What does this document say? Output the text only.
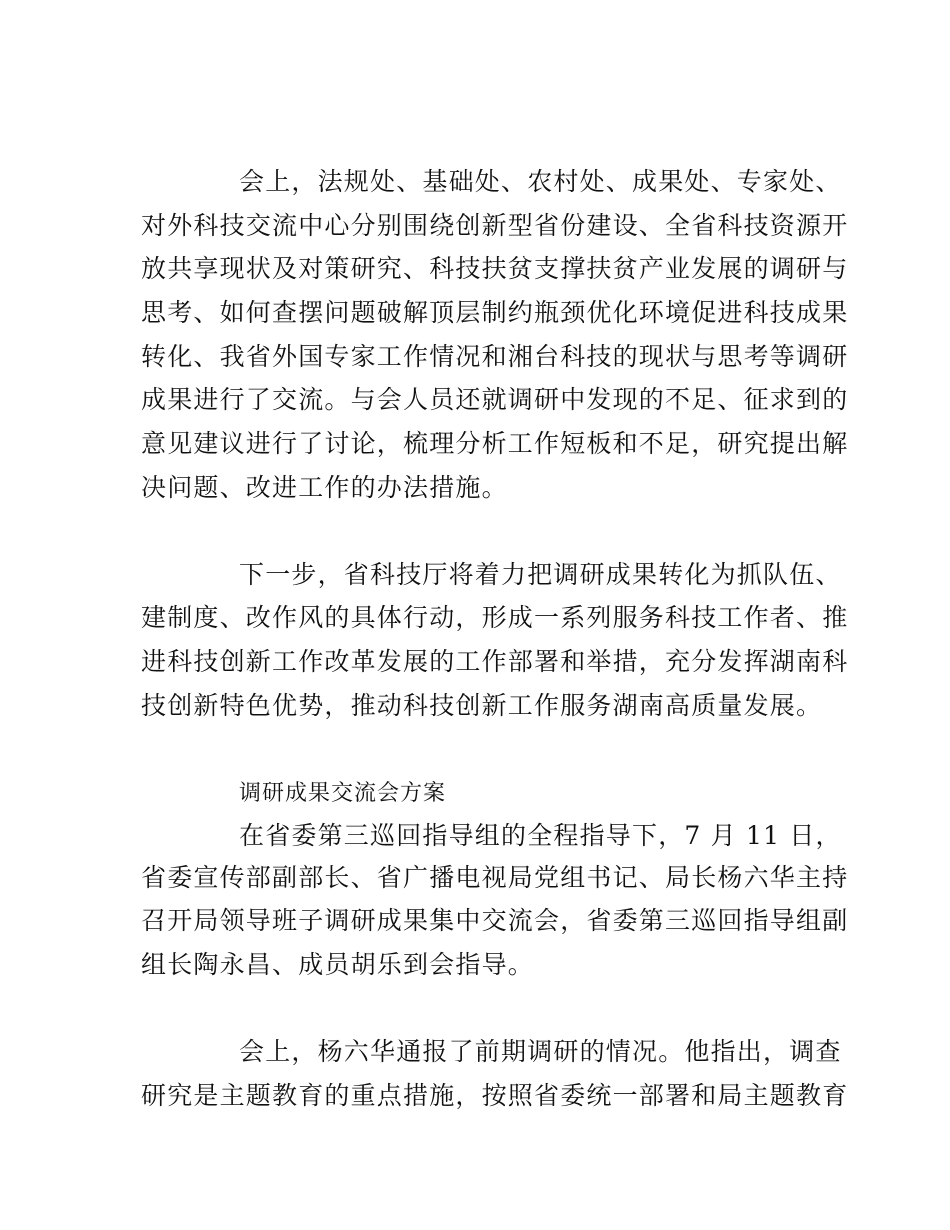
会上，法规处、基础处、农村处、成果处、专家处、
对外科技交流中心分别围绕创新型省份建设、全省科技资源开
放共享现状及对策研究、科技扶贫支撑扶贫产业发展的调研与
思考、如何查摆问题破解顶层制约瓶颈优化环境促进科技成果
转化、我省外国专家工作情况和湘台科技的现状与思考等调研
成果进行了交流。与会人员还就调研中发现的不足、征求到的
意见建议进行了讨论，梳理分析工作短板和不足，研究提出解
决问题、改进工作的办法措施。
下一步，省科技厅将着力把调研成果转化为抓队伍、
建制度、改作风的具体行动，形成一系列服务科技工作者、推
进科技创新工作改革发展的工作部署和举措，充分发挥湖南科
技创新特色优势，推动科技创新工作服务湖南高质量发展。
调研成果交流会方案
在省委第三巡回指导组的全程指导下，7 月 11 日，
省委宣传部副部长、省广播电视局党组书记、局长杨六华主持
召开局领导班子调研成果集中交流会，省委第三巡回指导组副
组长陶永昌、成员胡乐到会指导。
会上，杨六华通报了前期调研的情况。他指出，调查
研究是主题教育的重点措施，按照省委统一部署和局主题教育
